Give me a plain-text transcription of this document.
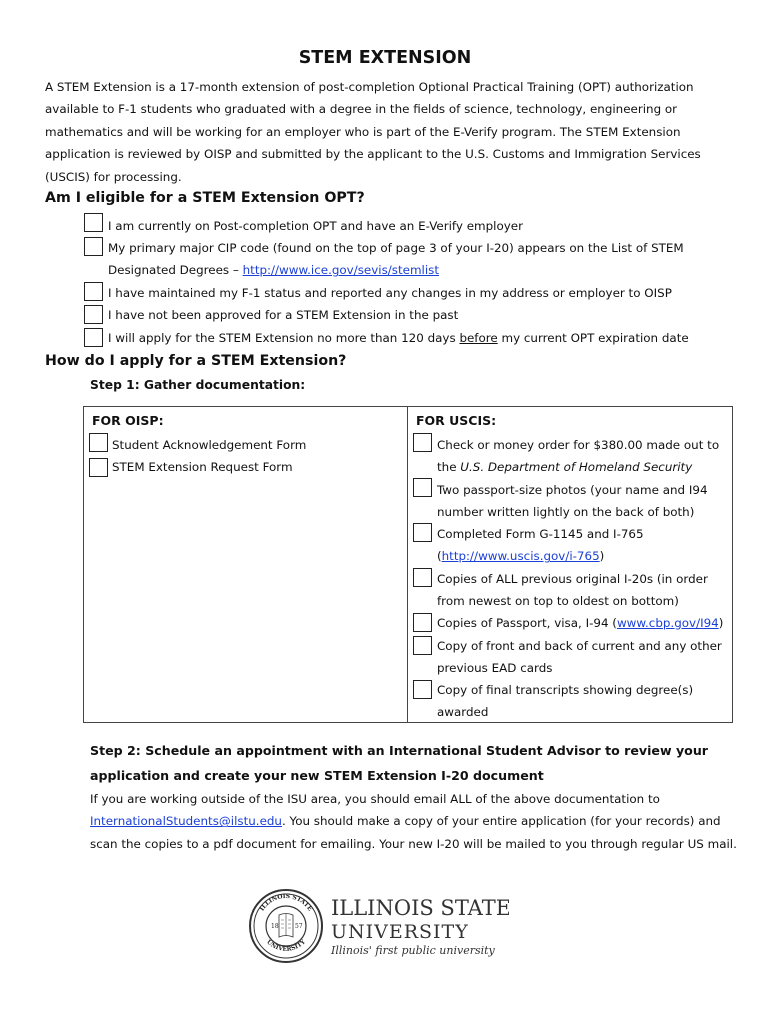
STEM EXTENSION
A STEM Extension is a 17-month extension of post-completion Optional Practical Training (OPT) authorization available to F-1 students who graduated with a degree in the fields of science, technology, engineering or mathematics and will be working for an employer who is part of the E-Verify program. The STEM Extension application is reviewed by OISP and submitted by the applicant to the U.S. Customs and Immigration Services (USCIS) for processing.
Am I eligible for a STEM Extension OPT?
I am currently on Post-completion OPT and have an E-Verify employer
My primary major CIP code (found on the top of page 3 of your I-20) appears on the List of STEM
Designated Degrees – http://www.ice.gov/sevis/stemlist
I have maintained my F-1 status and reported any changes in my address or employer to OISP
I have not been approved for a STEM Extension in the past
I will apply for the STEM Extension no more than 120 days before my current OPT expiration date
How do I apply for a STEM Extension?
Step 1: Gather documentation:
FOR OISP:
Student Acknowledgement Form
STEM Extension Request Form

FOR USCIS:
Check or money order for $380.00 made out to
the U.S. Department of Homeland Security
Two passport-size photos (your name and I94
number written lightly on the back of both)
Completed Form G-1145 and I-765
(http://www.uscis.gov/i-765)
Copies of ALL previous original I-20s (in order
from newest on top to oldest on bottom)
Copies of Passport, visa, I-94 (www.cbp.gov/I94)
Copy of front and back of current and any other
previous EAD cards
Copy of final transcripts showing degree(s)
awarded
Step 2: Schedule an appointment with an International Student Advisor to review your application and create your new STEM Extension I-20 document
If you are working outside of the ISU area, you should email ALL of the above documentation to InternationalStudents@ilstu.edu. You should make a copy of your entire application (for your records) and scan the copies to a pdf document for emailing. Your new I-20 will be mailed to you through regular US mail.
ILLINOIS STATE
UNIVERSITY
18	57
ILLINOIS STATE
UNIVERSITY
Illinois' first public university
